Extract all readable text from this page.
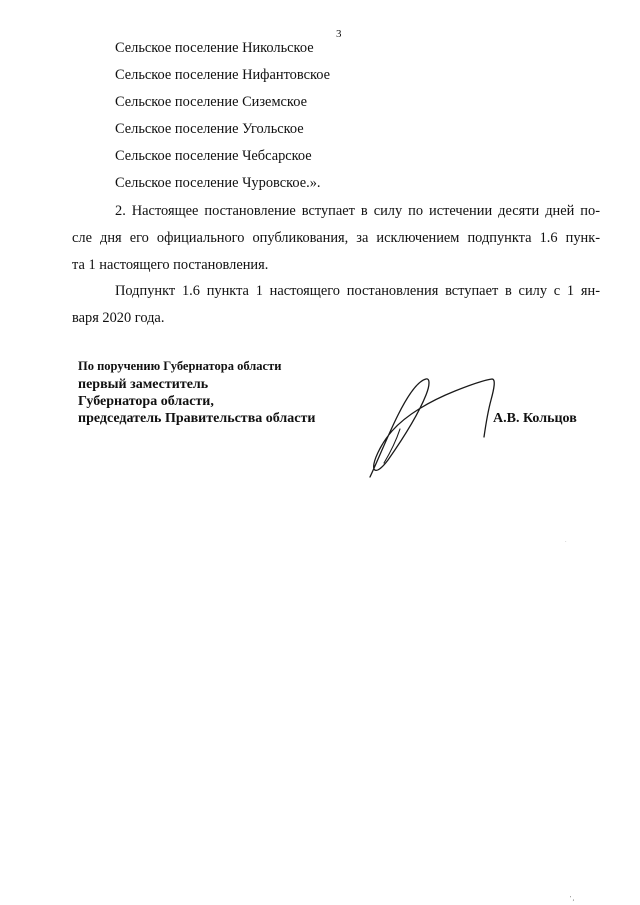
3
Сельское поселение Никольское
Сельское поселение Нифантовское
Сельское поселение Сиземское
Сельское поселение Угольское
Сельское поселение Чебсарское
Сельское поселение Чуровское.».
2. Настоящее постановление вступает в силу по истечении десяти дней по-
сле дня его официального опубликования, за исключением подпункта 1.6 пунк-
та 1 настоящего постановления.
Подпункт 1.6 пункта 1 настоящего постановления вступает в силу с 1 ян-
варя 2020 года.
По поручению Губернатора области
первый заместитель
Губернатора области,
председатель Правительства области	А.В. Кольцов
·
' ,
